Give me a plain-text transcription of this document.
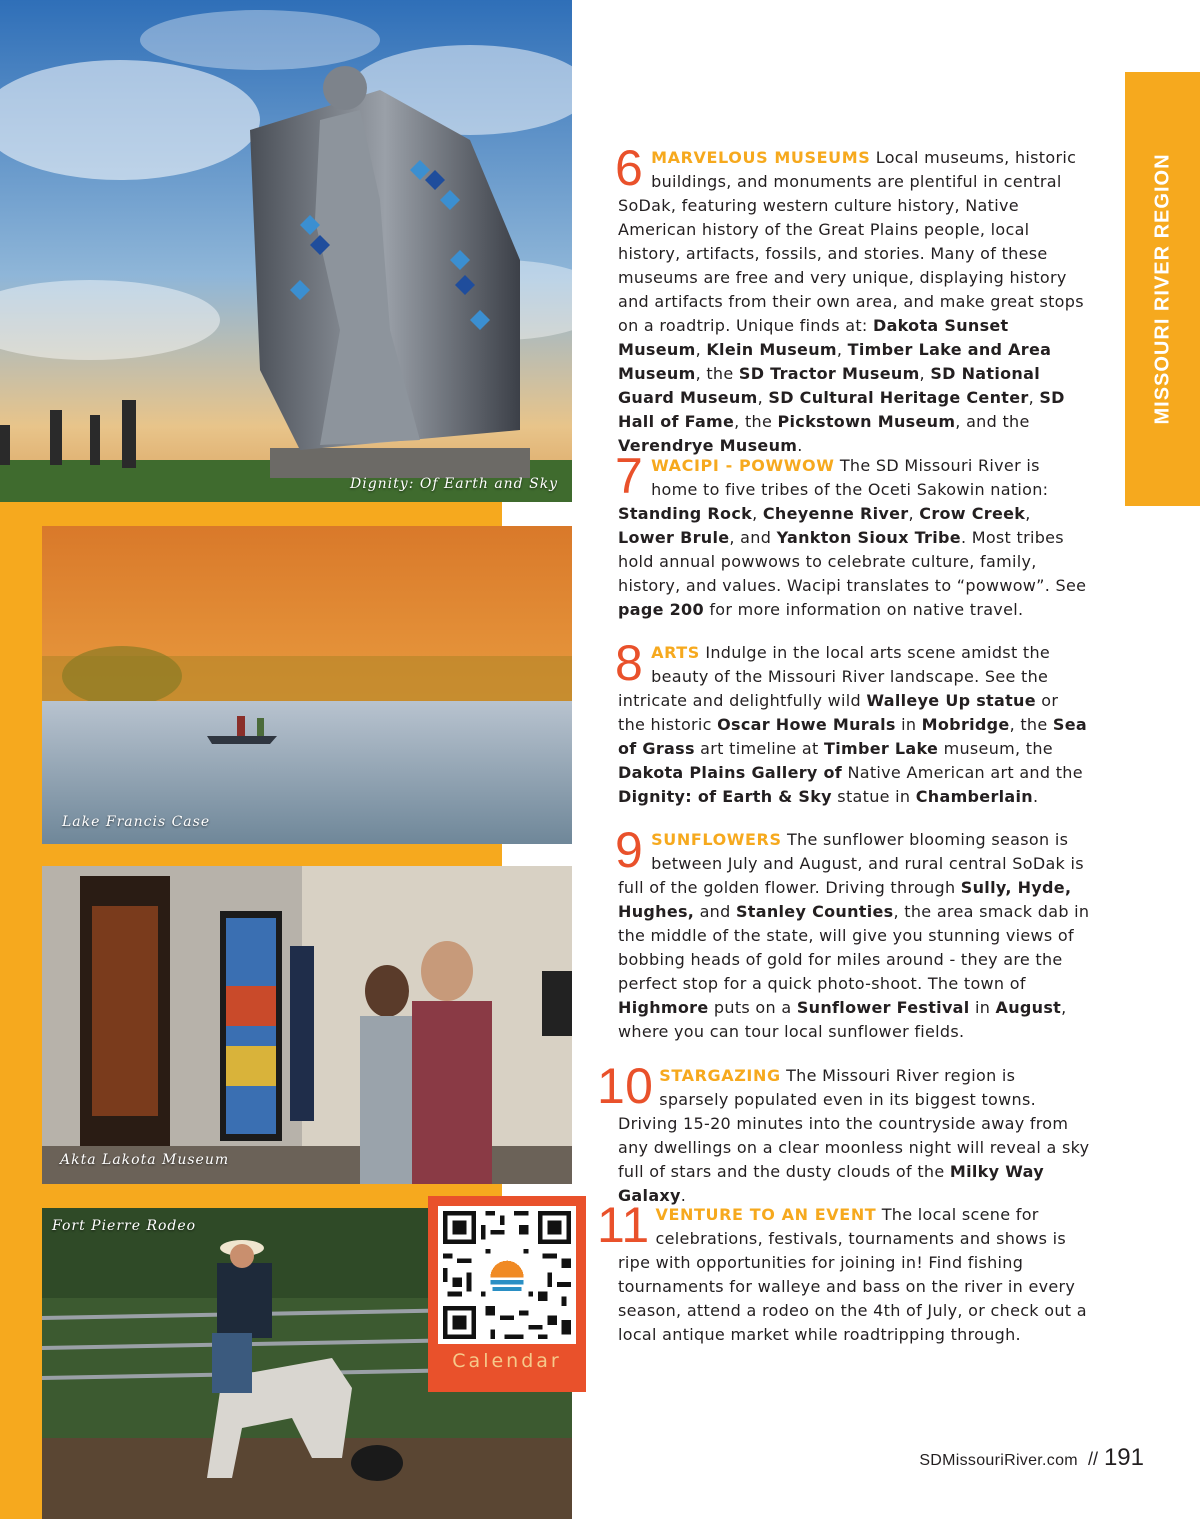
Dignity: Of Earth and Sky
Lake Francis Case
Akta Lakota Museum
Fort Pierre Rodeo
Calendar
MISSOURI RIVER REGION

6 MARVELOUS MUSEUMS Local museums, historic buildings, and monuments are plentiful in central SoDak, featuring western culture history, Native American history of the Great Plains people, local history, artifacts, fossils, and stories. Many of these museums are free and very unique, displaying history and artifacts from their own area, and make great stops on a roadtrip. Unique finds at: Dakota Sunset Museum, Klein Museum, Timber Lake and Area Museum, the SD Tractor Museum, SD National Guard Museum, SD Cultural Heritage Center, SD Hall of Fame, the Pickstown Museum, and the Verendrye Museum.

7 WACIPI - POWWOW The SD Missouri River is home to five tribes of the Oceti Sakowin nation: Standing Rock, Cheyenne River, Crow Creek, Lower Brule, and Yankton Sioux Tribe. Most tribes hold annual powwows to celebrate culture, family, history, and values. Wacipi translates to “powwow”. See page 200 for more information on native travel.

8 ARTS Indulge in the local arts scene amidst the beauty of the Missouri River landscape. See the intricate and delightfully wild Walleye Up statue or the historic Oscar Howe Murals in Mobridge, the Sea of Grass art timeline at Timber Lake museum, the Dakota Plains Gallery of Native American art and the Dignity: of Earth & Sky statue in Chamberlain.

9 SUNFLOWERS The sunflower blooming season is between July and August, and rural central SoDak is full of the golden flower. Driving through Sully, Hyde, Hughes, and Stanley Counties, the area smack dab in the middle of the state, will give you stunning views of bobbing heads of gold for miles around - they are the perfect stop for a quick photo-shoot. The town of Highmore puts on a Sunflower Festival in August, where you can tour local sunflower fields.

10 STARGAZING The Missouri River region is sparsely populated even in its biggest towns. Driving 15-20 minutes into the countryside away from any dwellings on a clear moonless night will reveal a sky full of stars and the dusty clouds of the Milky Way Galaxy.

11 VENTURE TO AN EVENT The local scene for celebrations, festivals, tournaments and shows is ripe with opportunities for joining in! Find fishing tournaments for walleye and bass on the river in every season, attend a rodeo on the 4th of July, or check out a local antique market while roadtripping through.

SDMissouriRiver.com // 191
